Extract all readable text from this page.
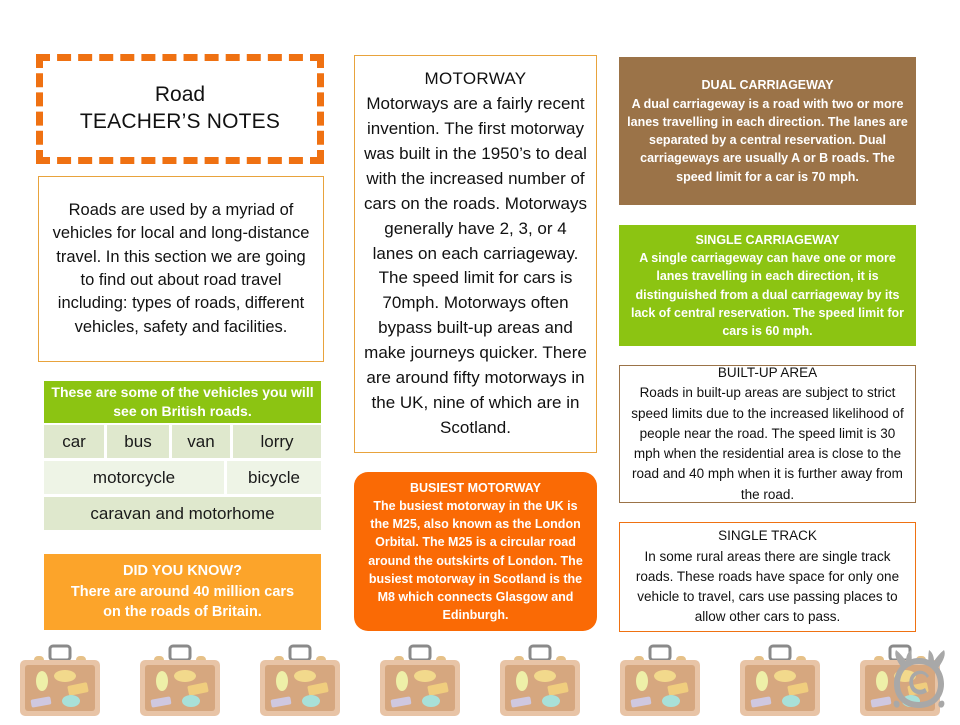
Road
TEACHER’S NOTES
Roads are used by a myriad of vehicles for local and long-distance travel. In this section we are going to find out about road travel including: types of roads, different vehicles, safety and facilities.
These are some of the vehicles you will see on British roads.
car	bus	van	lorry
motorcycle	bicycle
caravan and motorhome
DID YOU KNOW?
There are around 40 million cars
on the roads of Britain.
MOTORWAY
Motorways are a fairly recent invention. The first motorway was built in the 1950’s to deal with the increased number of cars on the roads. Motorways generally have 2, 3, or 4 lanes on each carriageway. The speed limit for cars is 70mph. Motorways often bypass built-up areas and make journeys quicker. There are around fifty motorways in the UK, nine of which are in Scotland.
BUSIEST MOTORWAY
The busiest motorway in the UK is the M25, also known as the London Orbital. The M25 is a circular road around the outskirts of London. The busiest motorway in Scotland is the M8 which connects Glasgow and Edinburgh.
DUAL CARRIAGEWAY
A dual carriageway is a road with two or more lanes travelling in each direction. The lanes are separated by a central reservation. Dual carriageways are usually A or B roads. The speed limit for a car is 70 mph.
SINGLE CARRIAGEWAY
A single carriageway can have one or more lanes travelling in each direction, it is distinguished from a dual carriageway by its lack of central reservation. The speed limit for cars is 60 mph.
BUILT-UP AREA
Roads in built-up areas are subject to strict speed limits due to the increased likelihood of people near the road. The speed limit is 30 mph when the residential area is close to the road and 40 mph when it is further away from the road.
SINGLE TRACK
In some rural areas there are single track roads. These roads have space for only one vehicle to travel, cars use passing places to allow other cars to pass.
